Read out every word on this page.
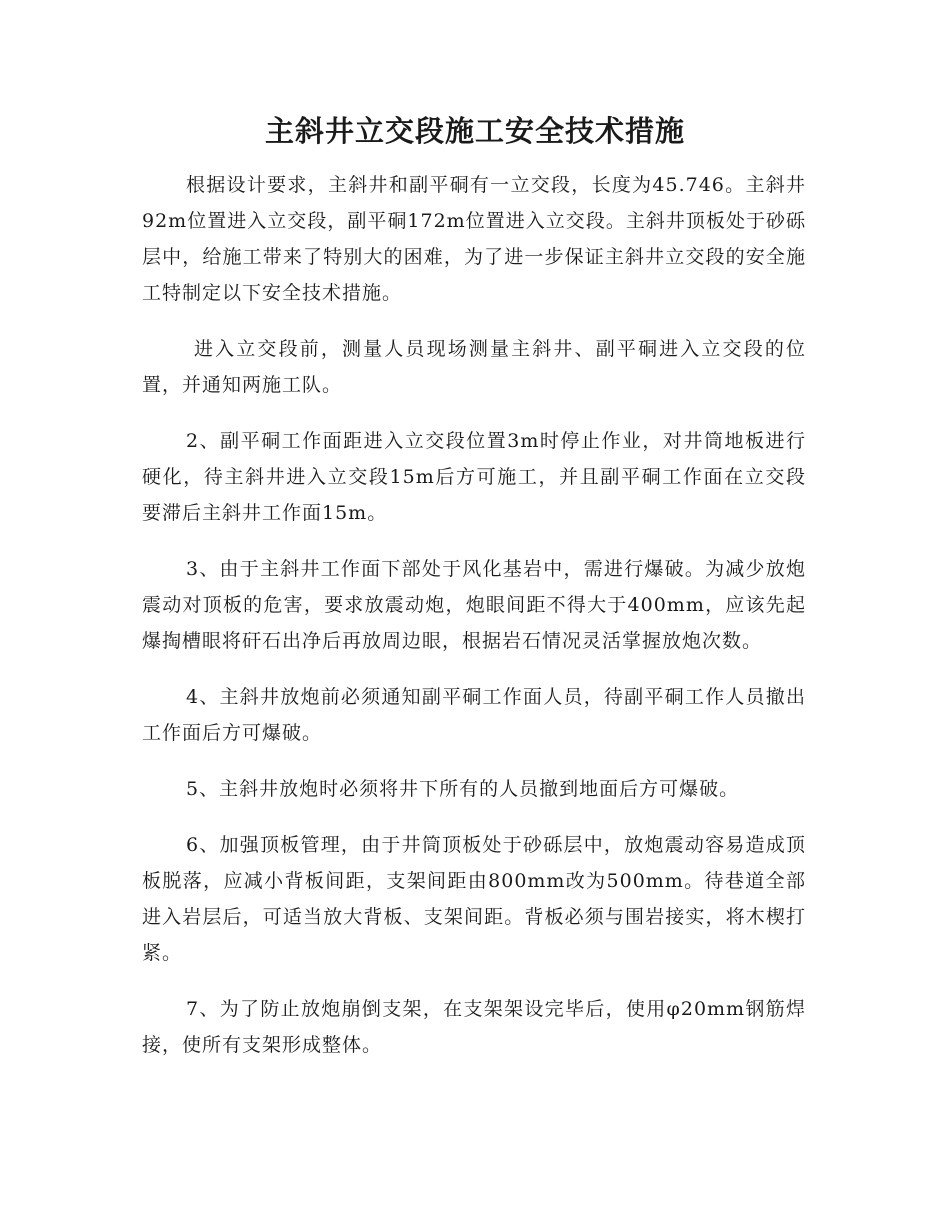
主斜井立交段施工安全技术措施

根据设计要求，主斜井和副平硐有一立交段，长度为45.746。主斜井92m位置进入立交段，副平硐172m位置进入立交段。主斜井顶板处于砂砾层中，给施工带来了特别大的困难，为了进一步保证主斜井立交段的安全施工特制定以下安全技术措施。

进入立交段前，测量人员现场测量主斜井、副平硐进入立交段的位置，并通知两施工队。

2、副平硐工作面距进入立交段位置3m时停止作业，对井筒地板进行硬化，待主斜井进入立交段15m后方可施工，并且副平硐工作面在立交段要滞后主斜井工作面15m。

3、由于主斜井工作面下部处于风化基岩中，需进行爆破。为减少放炮震动对顶板的危害，要求放震动炮，炮眼间距不得大于400mm，应该先起爆掏槽眼将矸石出净后再放周边眼，根据岩石情况灵活掌握放炮次数。

4、主斜井放炮前必须通知副平硐工作面人员，待副平硐工作人员撤出工作面后方可爆破。

5、主斜井放炮时必须将井下所有的人员撤到地面后方可爆破。

6、加强顶板管理，由于井筒顶板处于砂砾层中，放炮震动容易造成顶板脱落，应减小背板间距，支架间距由800mm改为500mm。待巷道全部进入岩层后，可适当放大背板、支架间距。背板必须与围岩接实，将木楔打紧。

7、为了防止放炮崩倒支架，在支架架设完毕后，使用φ20mm钢筋焊接，使所有支架形成整体。
